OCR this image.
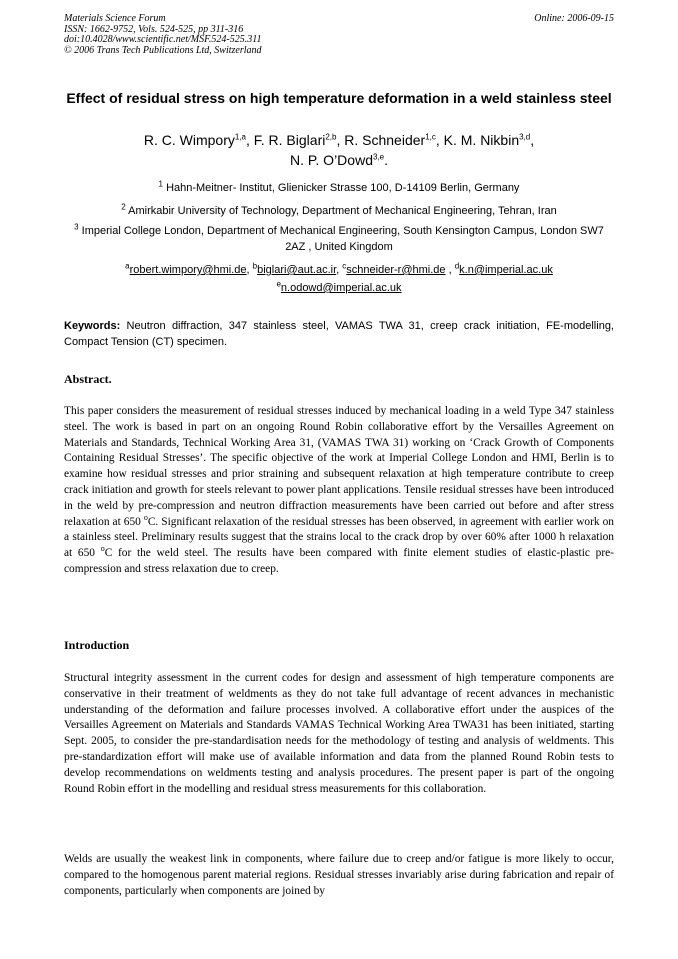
Materials Science Forum
ISSN: 1662-9752, Vols. 524-525, pp 311-316
doi:10.4028/www.scientific.net/MSF.524-525.311
© 2006 Trans Tech Publications Ltd, Switzerland
Online: 2006-09-15
Effect of residual stress on high temperature deformation in a weld stainless steel
R. C. Wimpory$^{1,a}$, F. R. Biglari$^{2,b}$, R. Schneider$^{1,c}$, K. M. Nikbin$^{3,d}$,
N. P. O’Dowd$^{3,e}$.
$^1$ Hahn-Meitner- Institut, Glienicker Strasse 100, D-14109 Berlin, Germany
$^2$ Amirkabir University of Technology, Department of Mechanical Engineering, Tehran, Iran
$^3$ Imperial College London, Department of Mechanical Engineering, South Kensington Campus, London SW7 2AZ , United Kingdom
$^a$robert.wimpory@hmi.de, $^b$biglari@aut.ac.ir, $^c$schneider-r@hmi.de , $^d$k.n@imperial.ac.uk
$^e$n.odowd@imperial.ac.uk
Keywords: Neutron diffraction, 347 stainless steel, VAMAS TWA 31, creep crack initiation, FE-modelling, Compact Tension (CT) specimen.
Abstract.
This paper considers the measurement of residual stresses induced by mechanical loading in a weld Type 347 stainless steel. The work is based in part on an ongoing Round Robin collaborative effort by the Versailles Agreement on Materials and Standards, Technical Working Area 31, (VAMAS TWA 31) working on ‘Crack Growth of Components Containing Residual Stresses’. The specific objective of the work at Imperial College London and HMI, Berlin is to examine how residual stresses and prior straining and subsequent relaxation at high temperature contribute to creep crack initiation and growth for steels relevant to power plant applications. Tensile residual stresses have been introduced in the weld by pre-compression and neutron diffraction measurements have been carried out before and after stress relaxation at 650 $^o$C. Significant relaxation of the residual stresses has been observed, in agreement with earlier work on a stainless steel. Preliminary results suggest that the strains local to the crack drop by over 60% after 1000 h relaxation at 650 $^o$C for the weld steel. The results have been compared with finite element studies of elastic-plastic pre-compression and stress relaxation due to creep.
Introduction
Structural integrity assessment in the current codes for design and assessment of high temperature components are conservative in their treatment of weldments as they do not take full advantage of recent advances in mechanistic understanding of the deformation and failure processes involved. A collaborative effort under the auspices of the Versailles Agreement on Materials and Standards VAMAS Technical Working Area TWA31 has been initiated, starting Sept. 2005, to consider the pre-standardisation needs for the methodology of testing and analysis of weldments. This pre-standardization effort will make use of available information and data from the planned Round Robin tests to develop recommendations on weldments testing and analysis procedures. The present paper is part of the ongoing Round Robin effort in the modelling and residual stress measurements for this collaboration.
Welds are usually the weakest link in components, where failure due to creep and/or fatigue is more likely to occur, compared to the homogenous parent material regions. Residual stresses invariably arise during fabrication and repair of components, particularly when components are joined by
